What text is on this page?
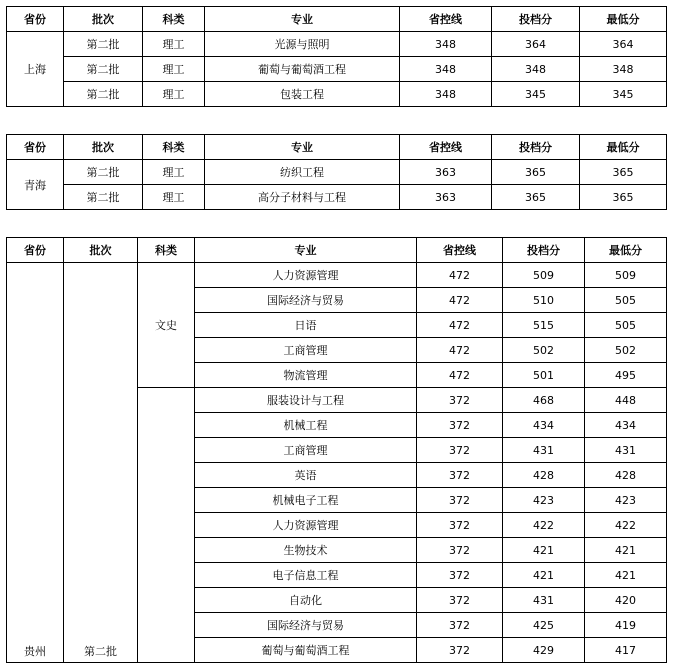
省份	批次	科类	专业	省控线	投档分	最低分
上海	第二批	理工	光源与照明	348	364	364
	第二批	理工	葡萄与葡萄酒工程	348	348	348
	第二批	理工	包装工程	348	345	345
省份	批次	科类	专业	省控线	投档分	最低分
青海	第二批	理工	纺织工程	363	365	365
	第二批	理工	高分子材料与工程	363	365	365
省份	批次	科类	专业	省控线	投档分	最低分
贵州	第二批	文史	人力资源管理	472	509	509
			国际经济与贸易	472	510	505
			日语	472	515	505
			工商管理	472	502	502
			物流管理	472	501	495
			服装设计与工程	372	468	448
			机械工程	372	434	434
			工商管理	372	431	431
			英语	372	428	428
			机械电子工程	372	423	423
			人力资源管理	372	422	422
			生物技术	372	421	421
			电子信息工程	372	421	421
			自动化	372	431	420
			国际经济与贸易	372	425	419
			葡萄与葡萄酒工程	372	429	417
